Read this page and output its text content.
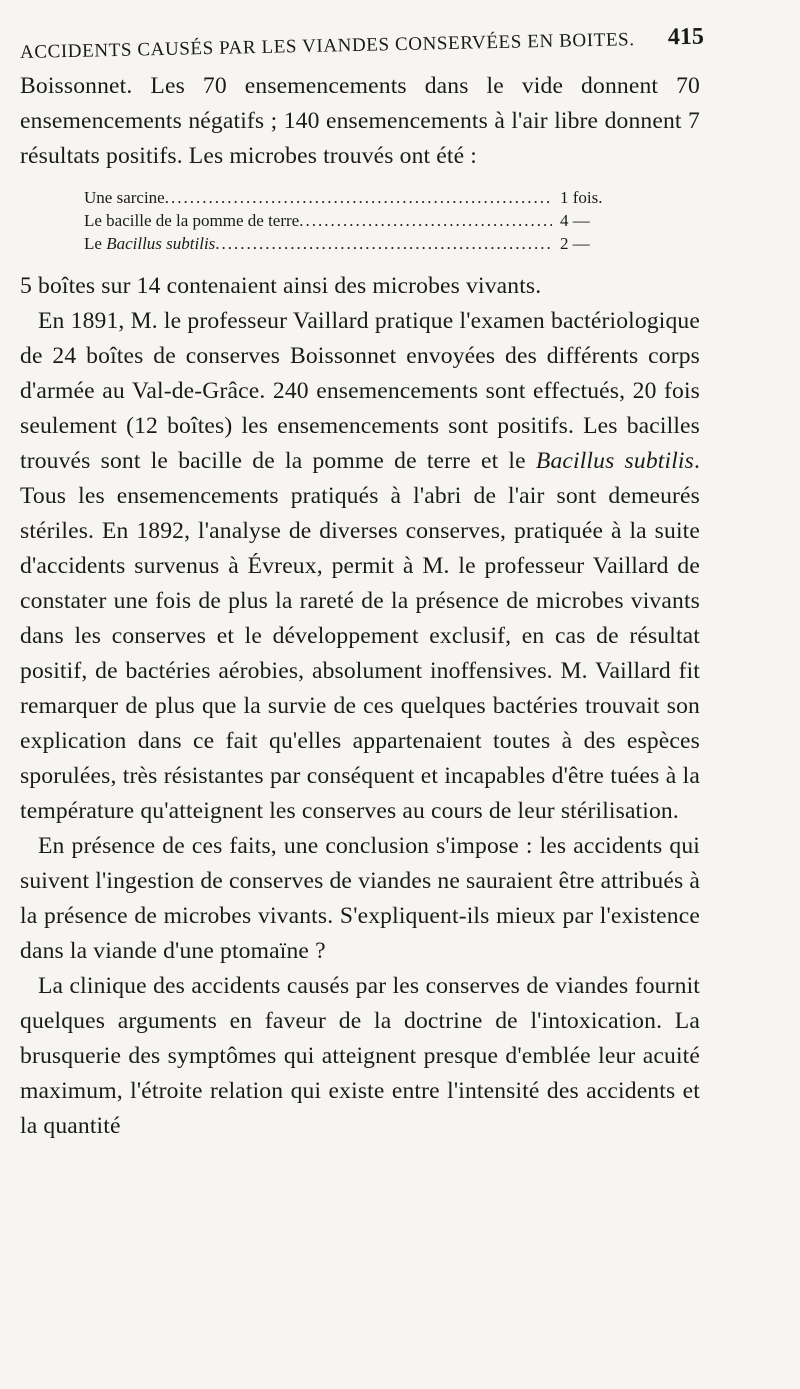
ACCIDENTS CAUSÉS PAR LES VIANDES CONSERVÉES EN BOITES. 415

Boissonnet. Les 70 ensemencements dans le vide donnent 70 ensemencements négatifs ; 140 ensemencements à l'air libre donnent 7 résultats positifs. Les microbes trouvés ont été :

Une sarcine .....	1 fois.
Le bacille de la pomme de terre .....	4 —
Le Bacillus subtilis .....	2 —

5 boîtes sur 14 contenaient ainsi des microbes vivants.

En 1891, M. le professeur Vaillard pratique l'examen bactériologique de 24 boîtes de conserves Boissonnet envoyées des différents corps d'armée au Val-de-Grâce. 240 ensemencements sont effectués, 20 fois seulement (12 boîtes) les ensemencements sont positifs. Les bacilles trouvés sont le bacille de la pomme de terre et le Bacillus subtilis. Tous les ensemencements pratiqués à l'abri de l'air sont demeurés stériles. En 1892, l'analyse de diverses conserves, pratiquée à la suite d'accidents survenus à Évreux, permit à M. le professeur Vaillard de constater une fois de plus la rareté de la présence de microbes vivants dans les conserves et le développement exclusif, en cas de résultat positif, de bactéries aérobies, absolument inoffensives. M. Vaillard fit remarquer de plus que la survie de ces quelques bactéries trouvait son explication dans ce fait qu'elles appartenaient toutes à des espèces sporulées, très résistantes par conséquent et incapables d'être tuées à la température qu'atteignent les conserves au cours de leur stérilisation.

En présence de ces faits, une conclusion s'impose : les accidents qui suivent l'ingestion de conserves de viandes ne sauraient être attribués à la présence de microbes vivants. S'expliquent-ils mieux par l'existence dans la viande d'une ptomaïne ?

La clinique des accidents causés par les conserves de viandes fournit quelques arguments en faveur de la doctrine de l'intoxication. La brusquerie des symptômes qui atteignent presque d'emblée leur acuité maximum, l'étroite relation qui existe entre l'intensité des accidents et la quantité
